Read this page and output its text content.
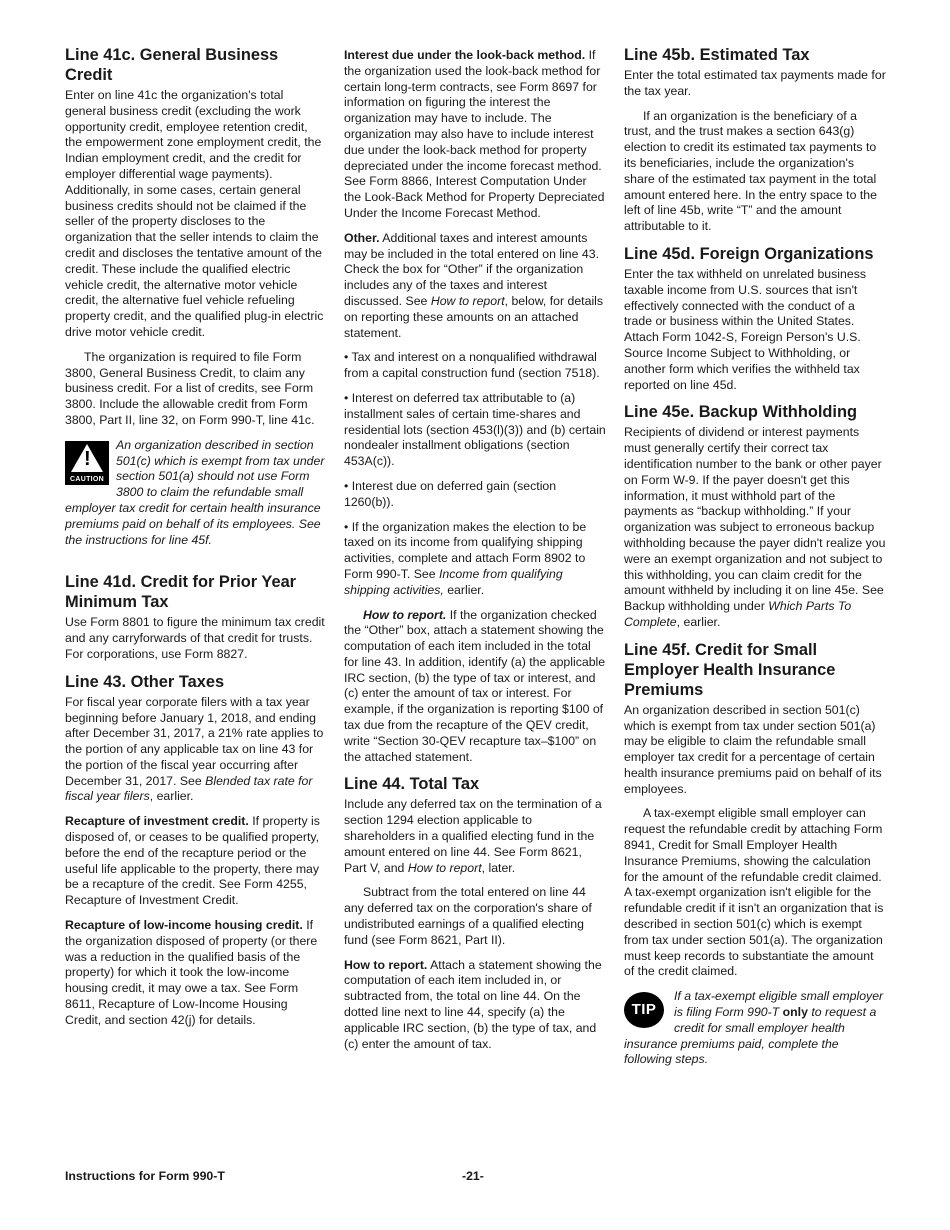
Line 41c. General Business Credit

Enter on line 41c the organization's total general business credit (excluding the work opportunity credit, employee retention credit, the empowerment zone employment credit, the Indian employment credit, and the credit for employer differential wage payments). Additionally, in some cases, certain general business credits should not be claimed if the seller of the property discloses to the organization that the seller intends to claim the credit and discloses the tentative amount of the credit. These include the qualified electric vehicle credit, the alternative motor vehicle credit, the alternative fuel vehicle refueling property credit, and the qualified plug-in electric drive motor vehicle credit.

The organization is required to file Form 3800, General Business Credit, to claim any business credit. For a list of credits, see Form 3800. Include the allowable credit from Form 3800, Part II, line 32, on Form 990-T, line 41c.

!
CAUTION
An organization described in section 501(c) which is exempt from tax under section 501(a) should not use Form 3800 to claim the refundable small employer tax credit for certain health insurance premiums paid on behalf of its employees. See the instructions for line 45f.
Line 41d. Credit for Prior Year Minimum Tax

Use Form 8801 to figure the minimum tax credit and any carryforwards of that credit for trusts. For corporations, use Form 8827.

Line 43. Other Taxes

For fiscal year corporate filers with a tax year beginning before January 1, 2018, and ending after December 31, 2017, a 21% rate applies to the portion of any applicable tax on line 43 for the portion of the fiscal year occurring after December 31, 2017. See Blended tax rate for fiscal year filers, earlier.

Recapture of investment credit. If property is disposed of, or ceases to be qualified property, before the end of the recapture period or the useful life applicable to the property, there may be a recapture of the credit. See Form 4255, Recapture of Investment Credit.

Recapture of low-income housing credit. If the organization disposed of property (or there was a reduction in the qualified basis of the property) for which it took the low-income housing credit, it may owe a tax. See Form 8611, Recapture of Low-Income Housing Credit, and section 42(j) for details.

Interest due under the look-back method. If the organization used the look-back method for certain long-term contracts, see Form 8697 for information on figuring the interest the organization may have to include. The organization may also have to include interest due under the look-back method for property depreciated under the income forecast method. See Form 8866, Interest Computation Under the Look-Back Method for Property Depreciated Under the Income Forecast Method.

Other. Additional taxes and interest amounts may be included in the total entered on line 43. Check the box for “Other” if the organization includes any of the taxes and interest discussed. See How to report, below, for details on reporting these amounts on an attached statement.

• Tax and interest on a nonqualified withdrawal from a capital construction fund (section 7518).

• Interest on deferred tax attributable to (a) installment sales of certain time-shares and residential lots (section 453(l)(3)) and (b) certain nondealer installment obligations (section 453A(c)).

• Interest due on deferred gain (section 1260(b)).

• If the organization makes the election to be taxed on its income from qualifying shipping activities, complete and attach Form 8902 to Form 990-T. See Income from qualifying shipping activities, earlier.

How to report. If the organization checked the “Other” box, attach a statement showing the computation of each item included in the total for line 43. In addition, identify (a) the applicable IRC section, (b) the type of tax or interest, and (c) enter the amount of tax or interest. For example, if the organization is reporting $100 of tax due from the recapture of the QEV credit, write “Section 30-QEV recapture tax–$100” on the attached statement.

Line 44. Total Tax

Include any deferred tax on the termination of a section 1294 election applicable to shareholders in a qualified electing fund in the amount entered on line 44. See Form 8621, Part V, and How to report, later.

Subtract from the total entered on line 44 any deferred tax on the corporation's share of undistributed earnings of a qualified electing fund (see Form 8621, Part II).

How to report. Attach a statement showing the computation of each item included in, or subtracted from, the total on line 44. On the dotted line next to line 44, specify (a) the applicable IRC section, (b) the type of tax, and (c) enter the amount of tax.

Line 45b. Estimated Tax

Enter the total estimated tax payments made for the tax year.

If an organization is the beneficiary of a trust, and the trust makes a section 643(g) election to credit its estimated tax payments to its beneficiaries, include the organization's share of the estimated tax payment in the total amount entered here. In the entry space to the left of line 45b, write “T” and the amount attributable to it.

Line 45d. Foreign Organizations

Enter the tax withheld on unrelated business taxable income from U.S. sources that isn't effectively connected with the conduct of a trade or business within the United States. Attach Form 1042-S, Foreign Person's U.S. Source Income Subject to Withholding, or another form which verifies the withheld tax reported on line 45d.

Line 45e. Backup Withholding

Recipients of dividend or interest payments must generally certify their correct tax identification number to the bank or other payer on Form W-9. If the payer doesn't get this information, it must withhold part of the payments as “backup withholding.” If your organization was subject to erroneous backup withholding because the payer didn't realize you were an exempt organization and not subject to this withholding, you can claim credit for the amount withheld by including it on line 45e. See Backup withholding under Which Parts To Complete, earlier.

Line 45f. Credit for Small Employer Health Insurance Premiums

An organization described in section 501(c) which is exempt from tax under section 501(a) may be eligible to claim the refundable small employer tax credit for a percentage of certain health insurance premiums paid on behalf of its employees.

A tax-exempt eligible small employer can request the refundable credit by attaching Form 8941, Credit for Small Employer Health Insurance Premiums, showing the calculation for the amount of the refundable credit claimed. A tax-exempt organization isn't eligible for the refundable credit if it isn't an organization that is described in section 501(c) which is exempt from tax under section 501(a). The organization must keep records to substantiate the amount of the credit claimed.

TIP
If a tax-exempt eligible small employer is filing Form 990-T only to request a credit for small employer health insurance premiums paid, complete the following steps.
Instructions for Form 990-T	-21-
